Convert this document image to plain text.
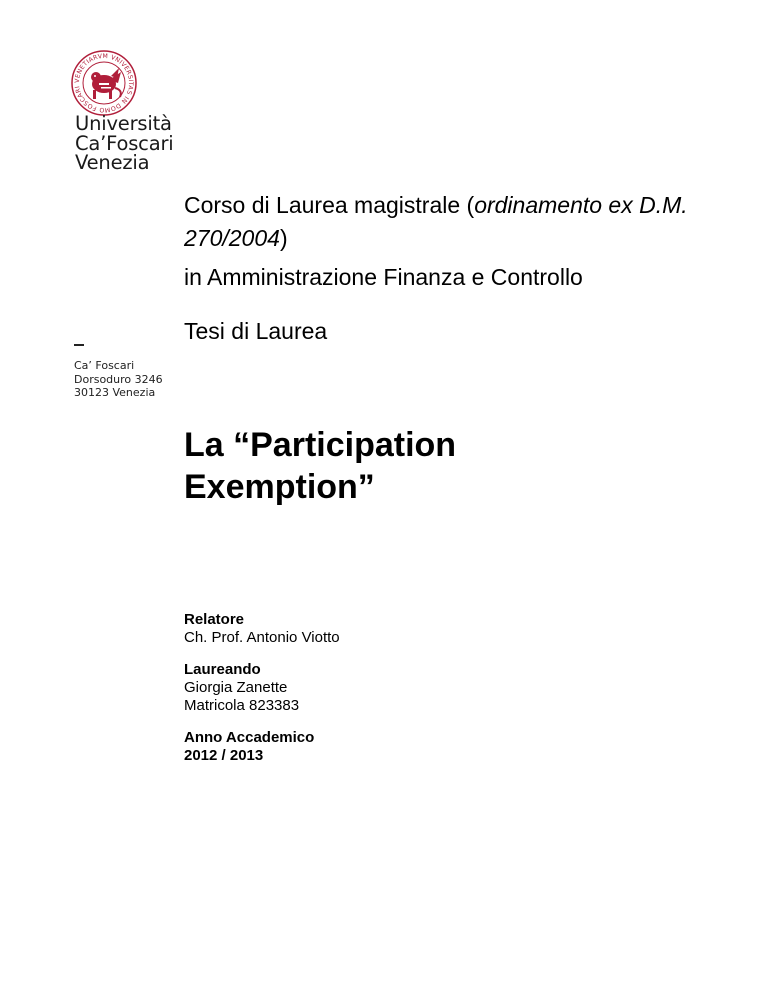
VENETIARVM VNIVERSITAS IN DOMO FOSCARI
Università
Ca’Foscari
Venezia
Ca’ Foscari
Dorsoduro 3246
30123 Venezia
Corso di Laurea magistrale (ordinamento ex D.M. 270/2004)
in Amministrazione Finanza e Controllo
Tesi di Laurea
La “Participation
Exemption”
Relatore
Ch. Prof. Antonio Viotto
Laureando
Giorgia Zanette
Matricola 823383
Anno Accademico
2012 / 2013
